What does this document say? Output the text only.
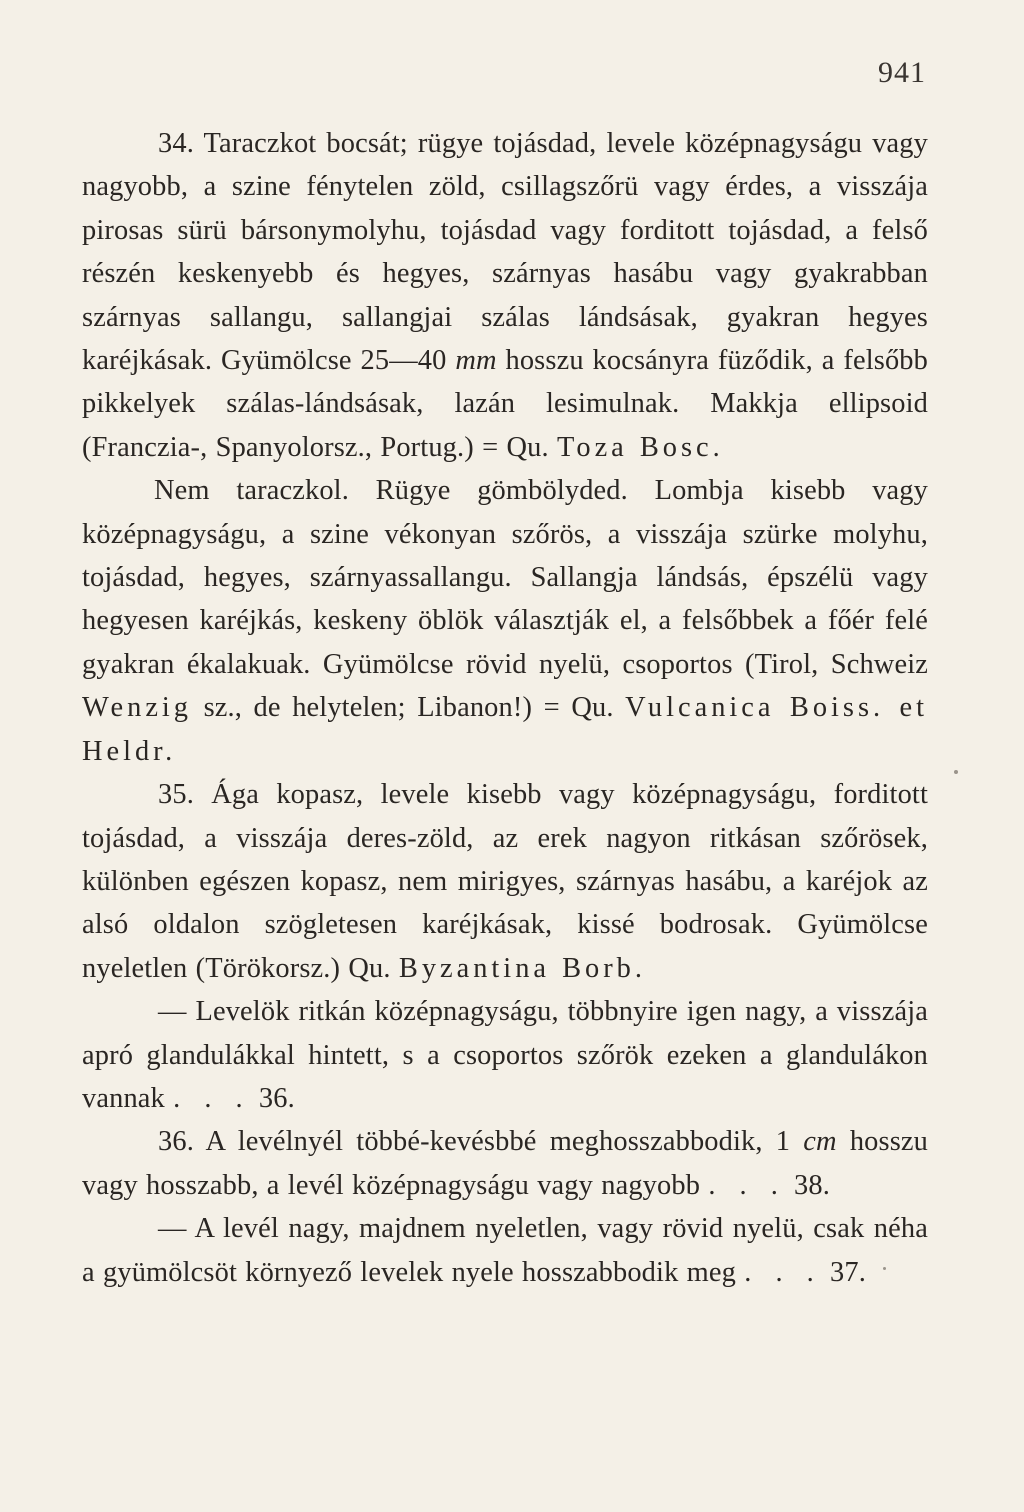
941

34. Taraczkot bocsát; rügye tojásdad, levele középnagyságu vagy nagyobb, a szine fénytelen zöld, csillagszőrü vagy érdes, a visszája pirosas sürü bársonymolyhu, tojásdad vagy forditott tojásdad, a felső részén keskenyebb és hegyes, szárnyas hasábu vagy gyakrabban szárnyas sallangu, sallangjai szálas lándsásak, gyakran hegyes karéjkásak. Gyümölcse 25—40 mm hosszu kocsányra füződik, a felsőbb pikkelyek szálas-lándsásak, lazán lesimulnak. Makkja ellipsoid (Franczia-, Spanyolorsz., Portug.) = Qu. Toza Bosc.

Nem taraczkol. Rügye gömbölyded. Lombja kisebb vagy középnagyságu, a szine vékonyan szőrös, a visszája szürke molyhu, tojásdad, hegyes, szárnyassallangu. Sallangja lándsás, épszélü vagy hegyesen karéjkás, keskeny öblök választják el, a felsőbbek a főér felé gyakran ékalakuak. Gyümölcse rövid nyelü, csoportos (Tirol, Schweiz Wenzig sz., de helytelen; Libanon!) = Qu. Vulcanica Boiss. et Heldr.

35. Ága kopasz, levele kisebb vagy középnagyságu, forditott tojásdad, a visszája deres-zöld, az erek nagyon ritkásan szőrösek, különben egészen kopasz, nem mirigyes, szárnyas hasábu, a karéjok az alsó oldalon szögletesen karéjkásak, kissé bodrosak. Gyümölcse nyeletlen (Törökorsz.) Qu. Byzantina Borb.

— Levelök ritkán középnagyságu, többnyire igen nagy, a visszája apró glandulákkal hintett, s a csoportos szőrök ezeken a glandulákon vannak . . . 36.

36. A levélnyél többé-kevésbbé meghosszabbodik, 1 cm hosszu vagy hosszabb, a levél középnagyságu vagy nagyobb . . . 38.

— A levél nagy, majdnem nyeletlen, vagy rövid nyelü, csak néha a gyümölcsöt környező levelek nyele hosszabbodik meg . . . 37.
